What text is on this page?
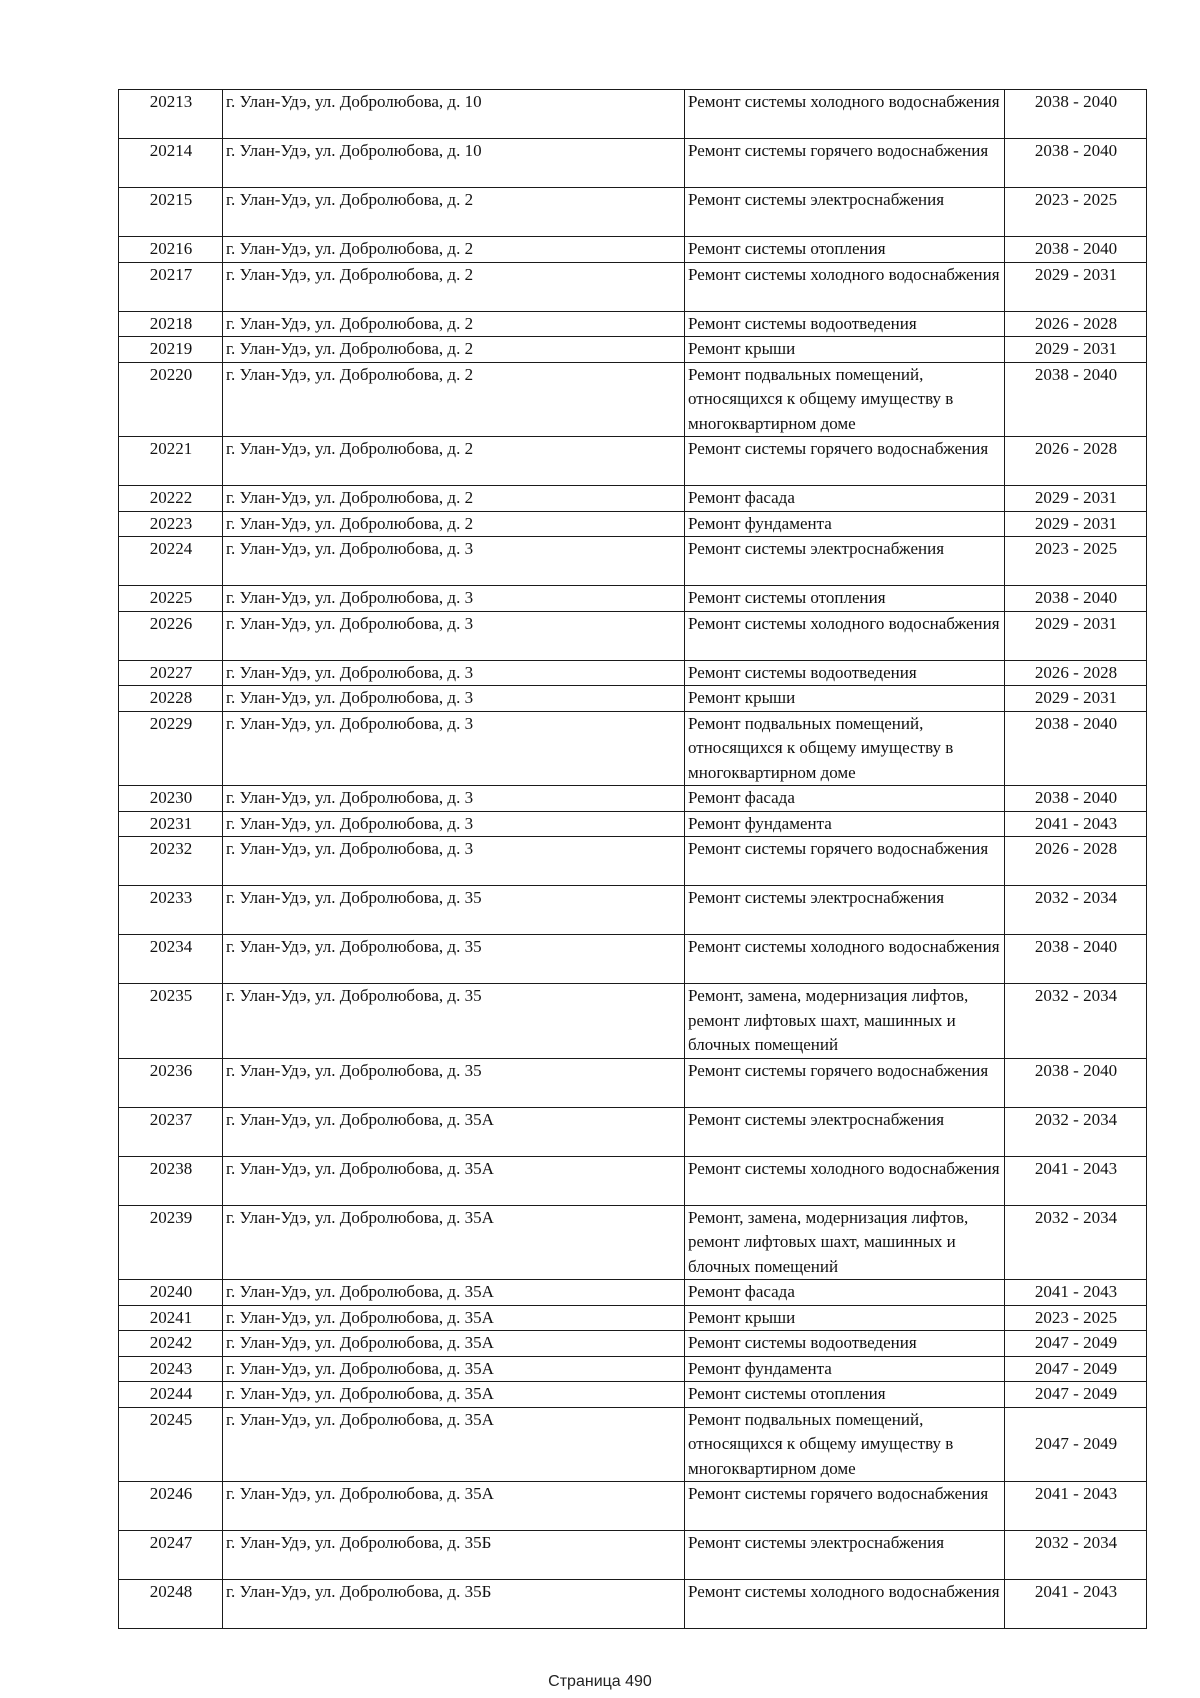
20213	г. Улан-Удэ, ул. Добролюбова, д. 10	Ремонт системы холодного водоснабжения	2038 - 2040
20214	г. Улан-Удэ, ул. Добролюбова, д. 10	Ремонт системы горячего водоснабжения	2038 - 2040
20215	г. Улан-Удэ, ул. Добролюбова, д. 2	Ремонт системы электроснабжения	2023 - 2025
20216	г. Улан-Удэ, ул. Добролюбова, д. 2	Ремонт системы отопления	2038 - 2040
20217	г. Улан-Удэ, ул. Добролюбова, д. 2	Ремонт системы холодного водоснабжения	2029 - 2031
20218	г. Улан-Удэ, ул. Добролюбова, д. 2	Ремонт системы водоотведения	2026 - 2028
20219	г. Улан-Удэ, ул. Добролюбова, д. 2	Ремонт крыши	2029 - 2031
20220	г. Улан-Удэ, ул. Добролюбова, д. 2	Ремонт подвальных помещений, относящихся к общему имуществу в многоквартирном доме	2038 - 2040
20221	г. Улан-Удэ, ул. Добролюбова, д. 2	Ремонт системы горячего водоснабжения	2026 - 2028
20222	г. Улан-Удэ, ул. Добролюбова, д. 2	Ремонт фасада	2029 - 2031
20223	г. Улан-Удэ, ул. Добролюбова, д. 2	Ремонт фундамента	2029 - 2031
20224	г. Улан-Удэ, ул. Добролюбова, д. 3	Ремонт системы электроснабжения	2023 - 2025
20225	г. Улан-Удэ, ул. Добролюбова, д. 3	Ремонт системы отопления	2038 - 2040
20226	г. Улан-Удэ, ул. Добролюбова, д. 3	Ремонт системы холодного водоснабжения	2029 - 2031
20227	г. Улан-Удэ, ул. Добролюбова, д. 3	Ремонт системы водоотведения	2026 - 2028
20228	г. Улан-Удэ, ул. Добролюбова, д. 3	Ремонт крыши	2029 - 2031
20229	г. Улан-Удэ, ул. Добролюбова, д. 3	Ремонт подвальных помещений, относящихся к общему имуществу в многоквартирном доме	2038 - 2040
20230	г. Улан-Удэ, ул. Добролюбова, д. 3	Ремонт фасада	2038 - 2040
20231	г. Улан-Удэ, ул. Добролюбова, д. 3	Ремонт фундамента	2041 - 2043
20232	г. Улан-Удэ, ул. Добролюбова, д. 3	Ремонт системы горячего водоснабжения	2026 - 2028
20233	г. Улан-Удэ, ул. Добролюбова, д. 35	Ремонт системы электроснабжения	2032 - 2034
20234	г. Улан-Удэ, ул. Добролюбова, д. 35	Ремонт системы холодного водоснабжения	2038 - 2040
20235	г. Улан-Удэ, ул. Добролюбова, д. 35	Ремонт, замена, модернизация лифтов, ремонт лифтовых шахт, машинных и блочных помещений	2032 - 2034
20236	г. Улан-Удэ, ул. Добролюбова, д. 35	Ремонт системы горячего водоснабжения	2038 - 2040
20237	г. Улан-Удэ, ул. Добролюбова, д. 35А	Ремонт системы электроснабжения	2032 - 2034
20238	г. Улан-Удэ, ул. Добролюбова, д. 35А	Ремонт системы холодного водоснабжения	2041 - 2043
20239	г. Улан-Удэ, ул. Добролюбова, д. 35А	Ремонт, замена, модернизация лифтов, ремонт лифтовых шахт, машинных и блочных помещений	2032 - 2034
20240	г. Улан-Удэ, ул. Добролюбова, д. 35А	Ремонт фасада	2041 - 2043
20241	г. Улан-Удэ, ул. Добролюбова, д. 35А	Ремонт крыши	2023 - 2025
20242	г. Улан-Удэ, ул. Добролюбова, д. 35А	Ремонт системы водоотведения	2047 - 2049
20243	г. Улан-Удэ, ул. Добролюбова, д. 35А	Ремонт фундамента	2047 - 2049
20244	г. Улан-Удэ, ул. Добролюбова, д. 35А	Ремонт системы отопления	2047 - 2049
20245	г. Улан-Удэ, ул. Добролюбова, д. 35А	Ремонт подвальных помещений, относящихся к общему имуществу в многоквартирном доме	2047 - 2049
20246	г. Улан-Удэ, ул. Добролюбова, д. 35А	Ремонт системы горячего водоснабжения	2041 - 2043
20247	г. Улан-Удэ, ул. Добролюбова, д. 35Б	Ремонт системы электроснабжения	2032 - 2034
20248	г. Улан-Удэ, ул. Добролюбова, д. 35Б	Ремонт системы холодного водоснабжения	2041 - 2043
Страница 490
